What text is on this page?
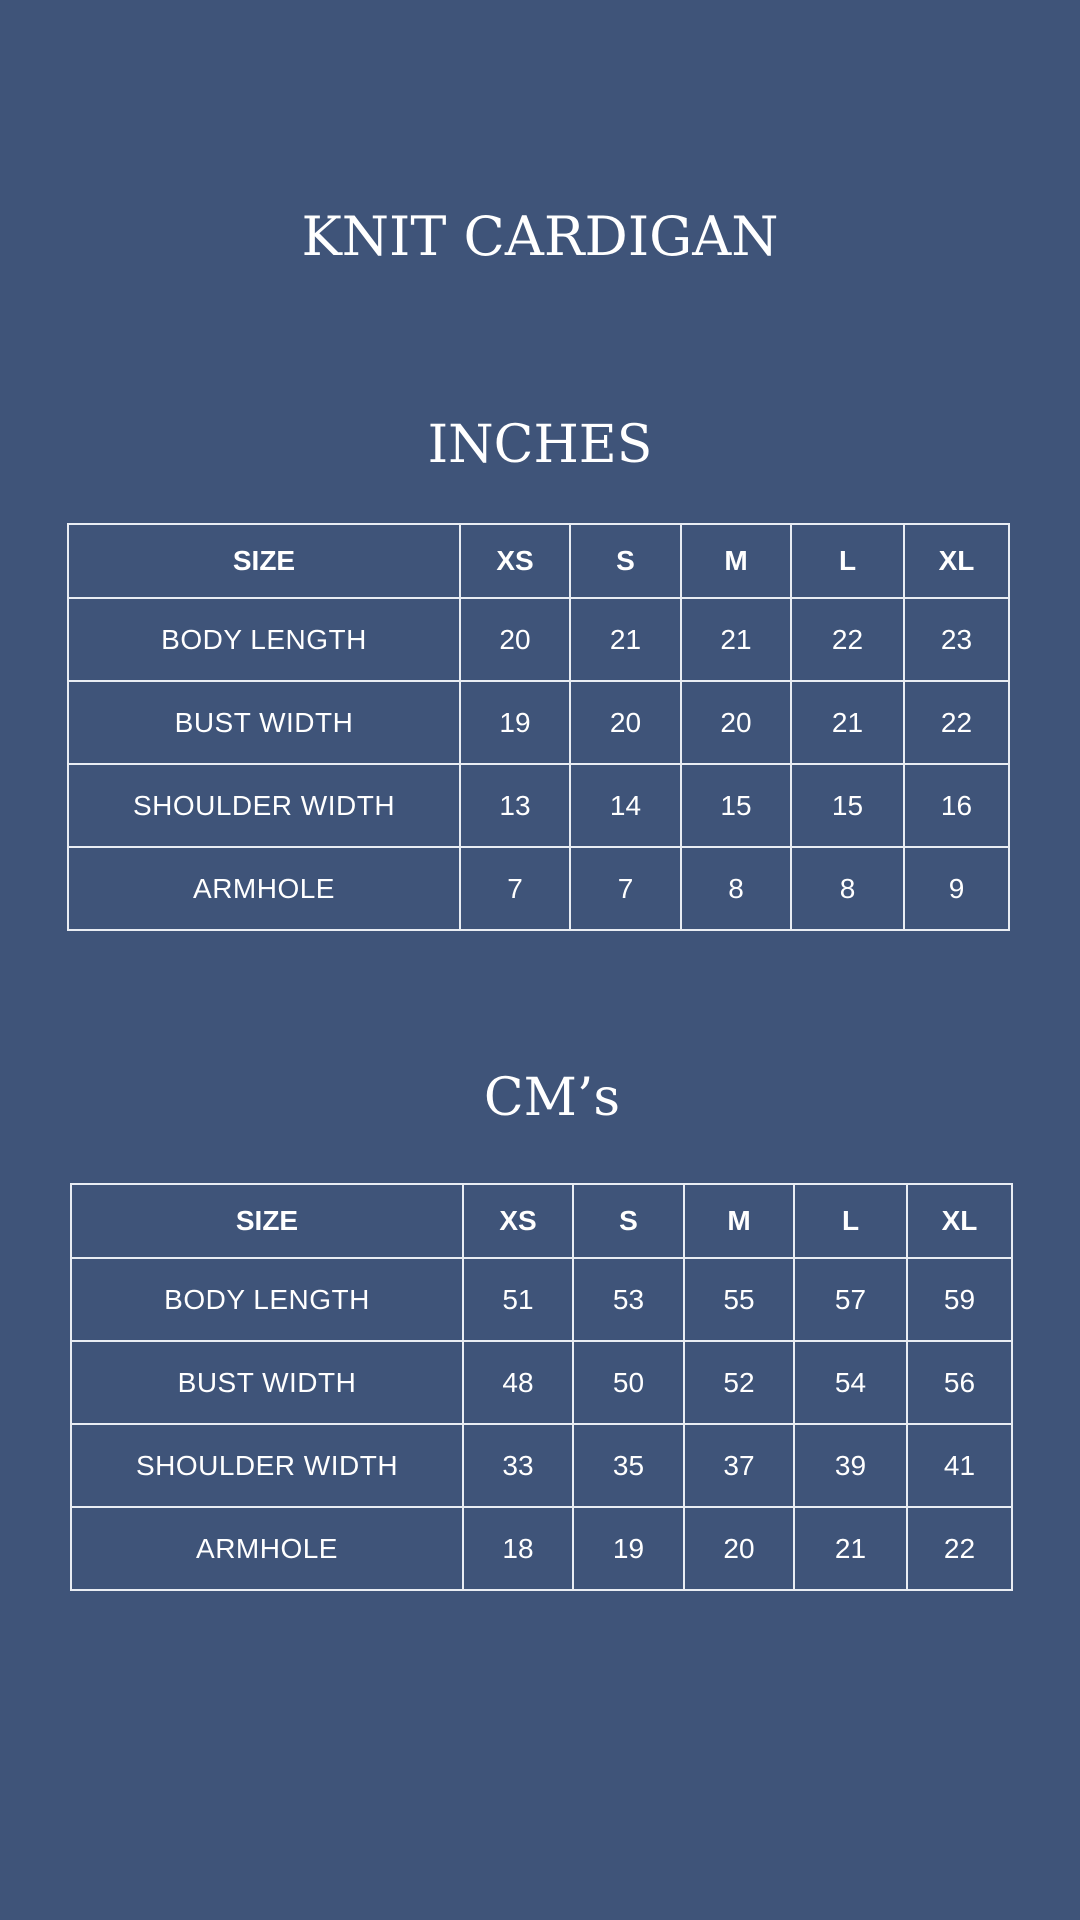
KNIT CARDIGAN
INCHES
SIZE	XS	S	M	L	XL
BODY LENGTH	20	21	21	22	23
BUST WIDTH	19	20	20	21	22
SHOULDER WIDTH	13	14	15	15	16
ARMHOLE	7	7	8	8	9
CM’s
SIZE	XS	S	M	L	XL
BODY LENGTH	51	53	55	57	59
BUST WIDTH	48	50	52	54	56
SHOULDER WIDTH	33	35	37	39	41
ARMHOLE	18	19	20	21	22
